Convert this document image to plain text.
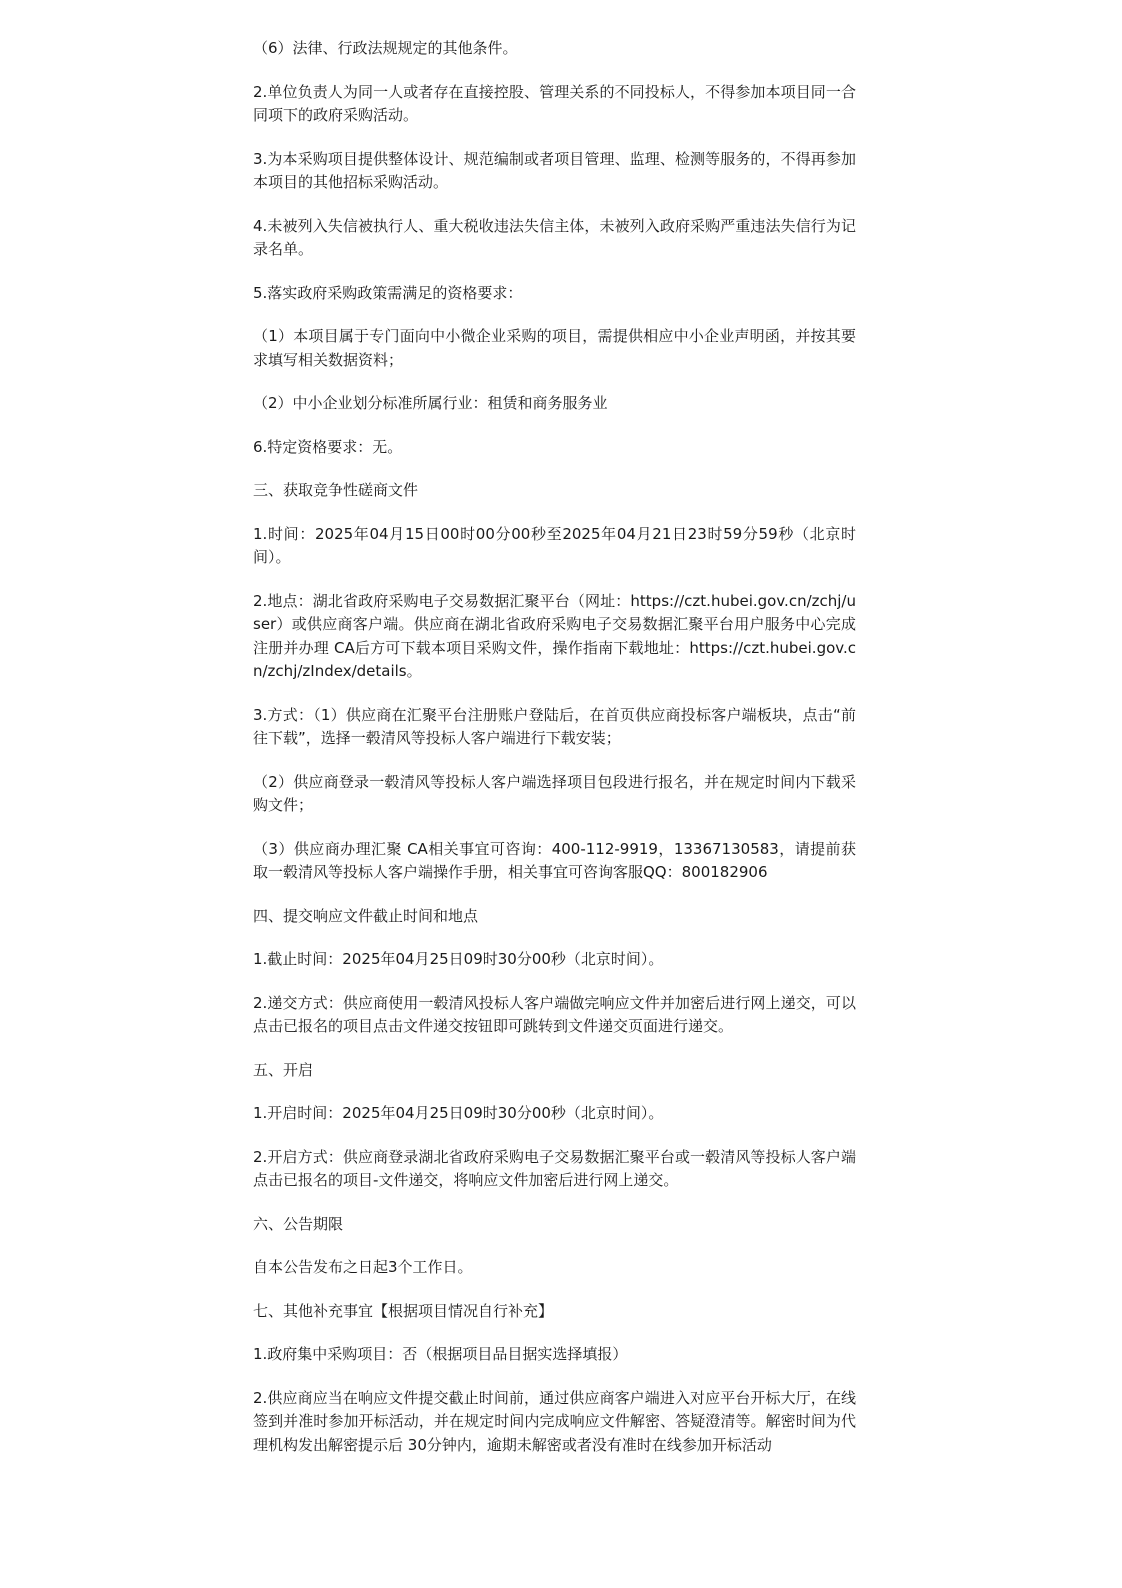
（6）法律、行政法规规定的其他条件。

2.单位负责人为同一人或者存在直接控股、管理关系的不同投标人，不得参加本项目同一合同项下的政府采购活动。

3.为本采购项目提供整体设计、规范编制或者项目管理、监理、检测等服务的，不得再参加本项目的其他招标采购活动。

4.未被列入失信被执行人、重大税收违法失信主体，未被列入政府采购严重违法失信行为记录名单。

5.落实政府采购政策需满足的资格要求：

（1）本项目属于专门面向中小微企业采购的项目，需提供相应中小企业声明函，并按其要求填写相关数据资料；

（2）中小企业划分标准所属行业：租赁和商务服务业

6.特定资格要求：无。

三、获取竞争性磋商文件

1.时间：2025年04月15日00时00分00秒至2025年04月21日23时59分59秒（北京时间）。

2.地点：湖北省政府采购电子交易数据汇聚平台（网址：https://czt.hubei.gov.cn/zchj/user）或供应商客户端。供应商在湖北省政府采购电子交易数据汇聚平台用户服务中心完成注册并办理 CA后方可下载本项目采购文件，操作指南下载地址：https://czt.hubei.gov.cn/zchj/zIndex/details。

3.方式：（1）供应商在汇聚平台注册账户登陆后，在首页供应商投标客户端板块，点击“前往下载”，选择一毂清风等投标人客户端进行下载安装；

（2）供应商登录一毂清风等投标人客户端选择项目包段进行报名，并在规定时间内下载采购文件；

（3）供应商办理汇聚 CA相关事宜可咨询：400-112-9919，13367130583，请提前获取一毂清风等投标人客户端操作手册，相关事宜可咨询客服QQ：800182906

四、提交响应文件截止时间和地点

1.截止时间：2025年04月25日09时30分00秒（北京时间）。

2.递交方式：供应商使用一毂清风投标人客户端做完响应文件并加密后进行网上递交，可以点击已报名的项目点击文件递交按钮即可跳转到文件递交页面进行递交。

五、开启

1.开启时间：2025年04月25日09时30分00秒（北京时间）。

2.开启方式：供应商登录湖北省政府采购电子交易数据汇聚平台或一毂清风等投标人客户端点击已报名的项目-文件递交，将响应文件加密后进行网上递交。

六、公告期限

自本公告发布之日起3个工作日。

七、其他补充事宜【根据项目情况自行补充】

1.政府集中采购项目：否（根据项目品目据实选择填报）

2.供应商应当在响应文件提交截止时间前，通过供应商客户端进入对应平台开标大厅，在线签到并准时参加开标活动，并在规定时间内完成响应文件解密、答疑澄清等。解密时间为代理机构发出解密提示后 30分钟内，逾期未解密或者没有准时在线参加开标活动
